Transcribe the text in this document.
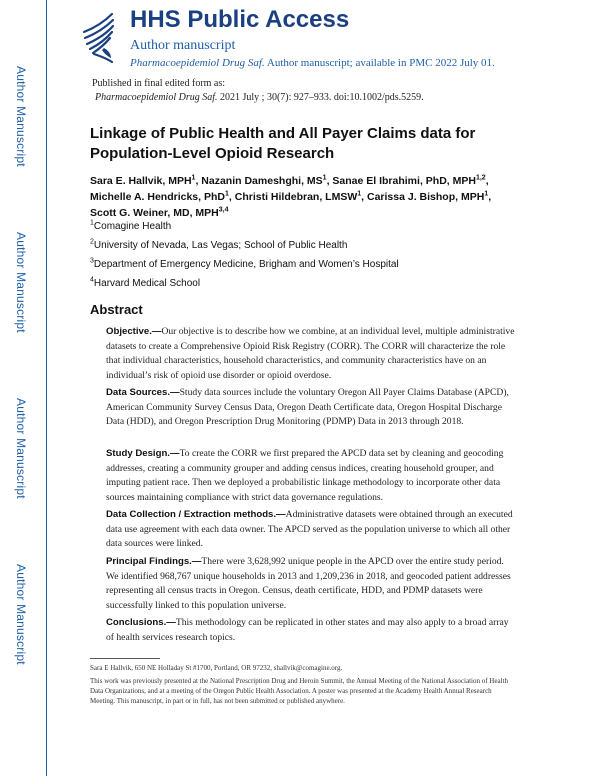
Author Manuscript
Author Manuscript
Author Manuscript
Author Manuscript
HHS Public Access
Author manuscript
Pharmacoepidemiol Drug Saf. Author manuscript; available in PMC 2022 July 01.
Published in final edited form as:
Pharmacoepidemiol Drug Saf. 2021 July ; 30(7): 927–933. doi:10.1002/pds.5259.
Linkage of Public Health and All Payer Claims data for Population-Level Opioid Research
Sara E. Hallvik, MPH$^1$, Nazanin Dameshghi, $MS^1$, Sanae El Ibrahimi, PhD, MPH$^{1,2}$, Michelle A. Hendricks, PhD$^1$, Christi Hildebran, LMSW$^1$, Carissa J. Bishop, MPH$^1$, Scott G. Weiner, MD, MPH$^{3,4}$
$^1$Comagine Health
$^2$University of Nevada, Las Vegas; School of Public Health
$^3$Department of Emergency Medicine, Brigham and Women’s Hospital
$^4$Harvard Medical School
Abstract
Objective.—Our objective is to describe how we combine, at an individual level, multiple administrative datasets to create a Comprehensive Opioid Risk Registry (CORR). The CORR will characterize the role that individual characteristics, household characteristics, and community characteristics have on an individual’s risk of opioid use disorder or opioid overdose.
Data Sources.—Study data sources include the voluntary Oregon All Payer Claims Database (APCD), American Community Survey Census Data, Oregon Death Certificate data, Oregon Hospital Discharge Data (HDD), and Oregon Prescription Drug Monitoring (PDMP) Data in 2013 through 2018.
Study Design.—To create the CORR we first prepared the APCD data set by cleaning and geocoding addresses, creating a community grouper and adding census indices, creating household grouper, and imputing patient race. Then we deployed a probabilistic linkage methodology to incorporate other data sources maintaining compliance with strict data governance regulations.
Data Collection / Extraction methods.—Administrative datasets were obtained through an executed data use agreement with each data owner. The APCD served as the population universe to which all other data sources were linked.
Principal Findings.—There were 3,628,992 unique people in the APCD over the entire study period. We identified 968,767 unique households in 2013 and 1,209,236 in 2018, and geocoded patient addresses representing all census tracts in Oregon. Census, death certificate, HDD, and PDMP datasets were successfully linked to this population universe.
Conclusions.—This methodology can be replicated in other states and may also apply to a broad array of health services research topics.
Sara E Hallvik, 650 NE Holladay St #1700, Portland, OR 97232, shallvik@comagine.org.
This work was previously presented at the National Prescription Drug and Heroin Summit, the Annual Meeting of the National Association of Health Data Organizations, and at a meeting of the Oregon Public Health Association. A poster was presented at the Academy Health Annual Research Meeting. This manuscript, in part or in full, has not been submitted or published anywhere.
